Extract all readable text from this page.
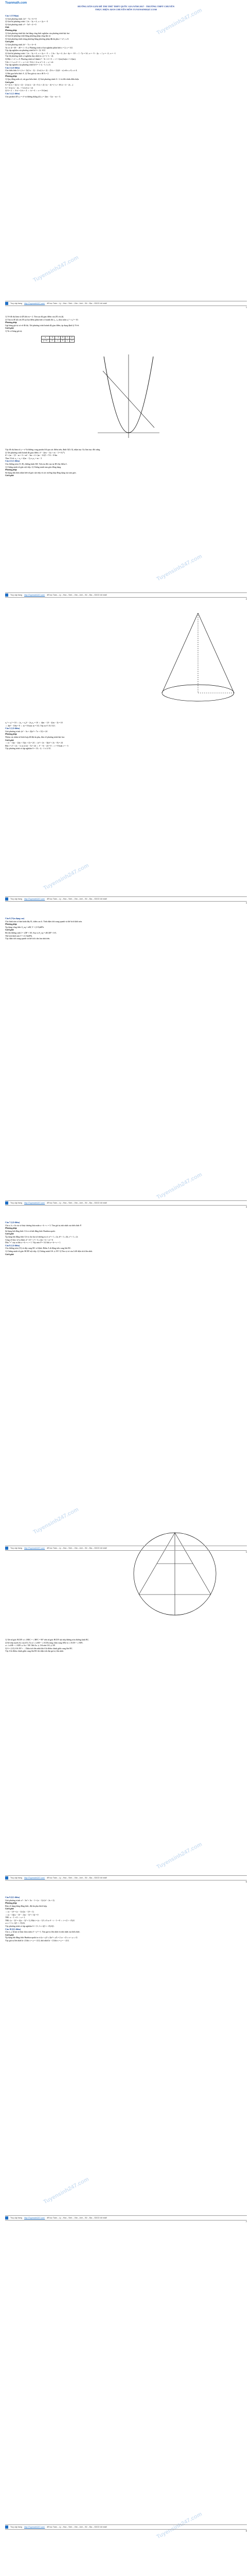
Tuyensinh247.com
Tuyensinh247.com
Tuyensinh247.com
Tuyensinh247.com
Tuyensinh247.com
Tuyensinh247.com
Tuyensinh247.com
Tuyensinh247.com
Tuyensinh247.com
Toanmath.com
HƯỚNG DẪN GIẢI ĐỀ THI THỬ THPT QUỐC GIA NĂM 2017 - TRƯỜNG THPT CHUYÊN
THỰC HIỆN: BAN CHUYÊN MÔN TUYENSINH247.COM
Câu 1 (T.Nhận)
1) Giải phương trình: 2x² − 7x + 6 = 0
2) Giải hệ phương trình: { 2x − 3y = 4 ; x + 2y = −5
3) Giải phương trình: x⁴ − 5x² + 4 = 0
Giải:
Phương pháp
1) Giải phương trình bậc hai bằng công thức nghiệm của phương trình bậc hai
2) Giải hệ phương trình bằng phương pháp cộng đại số.
3) Giải phương trình trùng phương bằng phương pháp đặt ẩn phụ t = x², t ≥ 0.
Cách giải:
1) Giải phương trình 2x² − 7x + 6 = 0
Ta có: Δ = 49 − 48 = 1 > 0 ⇒ Phương trình có hai nghiệm phân biệt x = 2; x = 3/2.
Vậy tập nghiệm của phương trình là S = {2; 3/2}
2) Giải hệ phương trình: { 2x − 3y = 4 ; x + 2y = −5 ⇔ { 2x − 3y = 4 ; 2x + 4y = −10 ⇔ { −7y = 14 ; x = −5 − 2y ⇔ { y = −2 ; x = −1
Vậy hệ phương trình có nghiệm duy nhất (x; y) = (−1; −2).
3) Đặt t = x², t ≥ 0. Phương trình trở thành t² − 5t + 4 = 0 ⇔ t = 1 (tm) hoặc t = 4 (tm).
Với t = 1 ⇒ x² = 1 ⇔ x = ±1. Với t = 4 ⇒ x² = 4 ⇔ x = ±2.
Vậy tập nghiệm của phương trình là S = {−2; −1; 1; 2}.
Câu 2 (2,0 điểm)
Cho biểu thức A = (√x + 1)/(√x − 2) − 2√x/(√x + 2) − (5√x + 2)/(4 − x) với x ≥ 0, x ≠ 4.
1) Rút gọn biểu thức A. 2) Tìm giá trị của x để A = 2.
Phương pháp
1) Quy đồng mẫu số, rút gọn biểu thức. 2) Giải phương trình A = 2 và đối chiếu điều kiện.
Cách giải:
A = [(√x + 1)(√x + 2) − 2√x(√x − 2) + 5√x + 2] / (x − 4) = (−x + 10√x + 4 − 2x ...)
A = 3√x(√x − 2)... = 3√x/(√x + 2)
2) A = 2 ⇔ 3√x = 2√x + 4 ⇔ √x = 4 ⇔ x = 16 (tm).
Câu 3 (1,5 điểm)
Cho parabol (P): y = x² và đường thẳng (d): y = 2(m − 1)x − m + 3.
Truy cập trang http://Tuyensinh247.com/ để học Toán – Lý – Hóa – Sinh – Văn – Anh – Sử – Địa – GDCD tốt nhất!
1
1) Vẽ đồ thị hàm số (P) khi m = 2. Tìm tọa độ giao điểm của (P) và (d).
2) Tìm m để (d) cắt (P) tại hai điểm phân biệt có hoành độ x₁, x₂ thỏa mãn x₁² + x₂² = 10.
Phương pháp
Lập bảng giá trị và vẽ đồ thị. Xét phương trình hoành độ giao điểm, áp dụng định lý Vi-ét.
Cách giải:
1) Ta có bảng giá trị:
x	−2	−1	0	1	2
y = x²	4	1	0	1	4
Vậy đồ thị hàm số y = x² là đường cong parabol đi qua các điểm trên, đỉnh O(0; 0), nhận trục Oy làm trục đối xứng.
2) Xét phương trình hoành độ giao điểm: x² − 2(m − 1)x + m − 3 = 0 (*)
Δ' = (m − 1)² − m + 3 = m² − 3m + 4 = (m − 3/2)² + 7/4 > 0 ∀m
Theo Vi-ét: x₁ + x₂ = 2(m − 1); x₁x₂ = m − 3
Câu 4 (3,5 điểm)
Cho đường tròn (O; R), đường kính AB. Trên tia đối của tia BA lấy điểm C.
1) Chứng minh tứ giác nội tiếp. 2) Chứng minh tam giác đồng dạng.
Phương pháp
Sử dụng dấu hiệu nhận biết tứ giác nội tiếp và các trường hợp đồng dạng của tam giác.
Cách giải:
Truy cập trang http://Tuyensinh247.com/ để học Toán – Lý – Hóa – Sinh – Văn – Anh – Sử – Địa – GDCD tốt nhất!
2
x₁² + x₂² = 10 ⇔ (x₁ + x₂)² − 2x₁x₂ = 10 ⇔ 4(m − 1)² − 2(m − 3) = 10
⇔ 4m² − 10m = 0 ⇔ m = 0 hoặc m = 5/2. Vậy m ∈ {0; 5/2}.
Câu 5 (1,0 điểm)
Giải phương trình: (x² − 3x + 2)(x² + 7x + 12) = 24
Phương pháp
Nhóm các nhân tử thích hợp để đặt ẩn phụ, đưa về phương trình bậc hai.
Cách giải:
⇔ (x − 1)(x − 2)(x + 3)(x + 4) = 24 ⇔ (x² + 2x − 3)(x² + 2x − 8) = 24
Đặt t = x² + 2x − 3, ta có t(t − 5) = 24 ⇔ t² − 5t − 24 = 0 ⇔ t = 8 hoặc t = −3
Vậy phương trình có tập nghiệm S = {0; −2; −1 ± 2√3}.
Truy cập trang http://Tuyensinh247.com/ để học Toán – Lý – Hóa – Sinh – Văn – Anh – Sử – Địa – GDCD tốt nhất!
3
Câu 6 (Vận dụng cao)
Cho hình nón có bán kính đáy R, chiều cao h. Tính diện tích xung quanh và thể tích khối nón.
Phương pháp
Áp dụng công thức S_xq = πRl, V = (1/3)πR²h.
Cách giải:
Độ dài đường sinh l = √(R² + h²). Suy ra S_xq = πR√(R² + h²).
Thể tích khối nón V = (1/3)πR²h.
Vậy diện tích xung quanh và thể tích cần tìm như trên.
Truy cập trang http://Tuyensinh247.com/ để học Toán – Lý – Hóa – Sinh – Văn – Anh – Sử – Địa – GDCD tốt nhất!
4
Câu 7 (2,0 điểm)
Cho a, b, c là các số thực dương thỏa mãn a + b + c = 3. Tìm giá trị nhỏ nhất của biểu thức P.
Phương pháp
Sử dụng bất đẳng thức Cô-si và bất đẳng thức Bunhiacopxki.
Cách giải:
Áp dụng bất đẳng thức Cô-si cho hai số dương ta có: a² + 1 ≥ 2a, b² + 1 ≥ 2b, c² + 1 ≥ 2c
Cộng vế theo vế ta được a² + b² + c² + 3 ≥ 2(a + b + c) = 6
Dấu "=" xảy ra khi a = b = c = 1. Vậy min P = 3/2 khi a = b = c = 1.
Câu 8 (1,0 điểm)
Cho đường tròn (O) và dây cung BC cố định. Điểm A di động trên cung lớn BC.
1) Chứng minh tứ giác BCEF nội tiếp. 2) Chứng minh OA ⊥ EF. 3) Tìm vị trí của A để diện tích lớn nhất.
Cách giải:
Truy cập trang http://Tuyensinh247.com/ để học Toán – Lý – Hóa – Sinh – Văn – Anh – Sử – Địa – GDCD tốt nhất!
5
1) Xét tứ giác BCEF có ∠BEC = ∠BFC = 90° nên tứ giác BCEF nội tiếp đường tròn đường kính BC.
2) Kẻ tiếp tuyến Ax của (O). Ta có ∠xAB = ∠ACB (cùng chắn cung AB) và ∠ACB = ∠AFE.
⇒ ∠xAB = ∠AFE ⇒ Ax // EF. Mà Ax ⊥ OA nên OA ⊥ EF.
3) S = (1/2)·OA·EF + ... Diện tích lớn nhất khi A là điểm chính giữa cung lớn BC.
Vậy A là điểm chính giữa cung lớn BC thì diện tích đạt giá trị lớn nhất.
Truy cập trang http://Tuyensinh247.com/ để học Toán – Lý – Hóa – Sinh – Văn – Anh – Sử – Địa – GDCD tốt nhất!
6
Câu 9 (0,5 điểm)
Giải phương trình: x³ − 3x² + 3x − 1 = (x − 1)√(x² − 2x + 2)
Phương pháp
Đưa về dạng hằng đẳng thức, đặt ẩn phụ thích hợp.
Cách giải:
⇔ (x − 1)³ = (x − 1)√((x − 1)² + 1)
⇔ (x − 1)[(x − 1)² − √((x − 1)² + 1)] = 0
TH1: x − 1 = 0 ⇔ x = 1.
TH2: (x − 1)² = √((x − 1)² + 1). Đặt t = (x − 1)² ≥ 0 ⇒ t² − t − 1 = 0 ⇔ t = (1 + √5)/2.
⇒ x = 1 ± √((1 + √5)/2).
Vậy phương trình có tập nghiệm S = {1; 1 ± √((1 + √5)/2)}.
Câu 10 (0,5 điểm)
Cho x, y là hai số thực thỏa mãn x² + y² = 1. Tìm giá trị lớn nhất và nhỏ nhất của biểu thức.
Cách giải:
Áp dụng bất đẳng thức Bunhiacopxki ta có (x + y)² ≤ 2(x² + y²) = 2 ⇒ −√2 ≤ x + y ≤ √2.
Vậy giá trị lớn nhất là √2 khi x = y = √2/2, nhỏ nhất là −√2 khi x = y = −√2/2.
Truy cập trang http://Tuyensinh247.com/ để học Toán – Lý – Hóa – Sinh – Văn – Anh – Sử – Địa – GDCD tốt nhất!
7
Truy cập trang http://Tuyensinh247.com/ để học Toán – Lý – Hóa – Sinh – Văn – Anh – Sử – Địa – GDCD tốt nhất!
8
